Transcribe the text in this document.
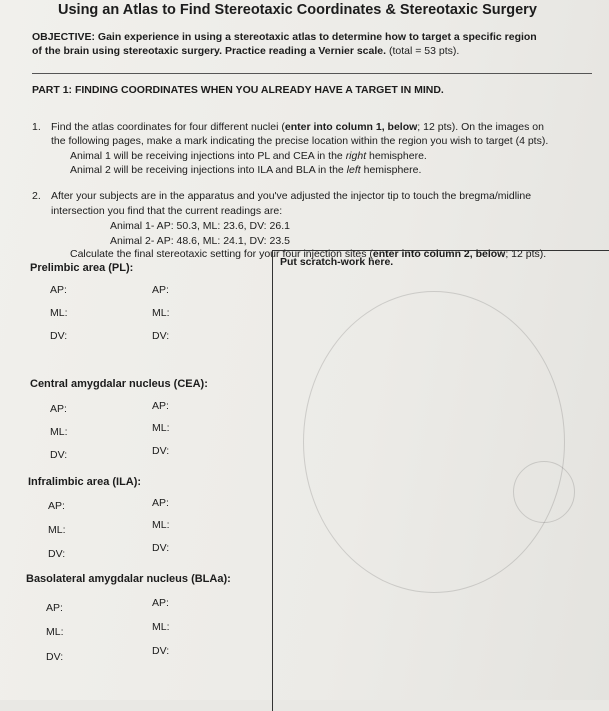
Using an Atlas to Find Stereotaxic Coordinates & Stereotaxic Surgery
OBJECTIVE: Gain experience in using a stereotaxic atlas to determine how to target a specific region
of the brain using stereotaxic surgery. Practice reading a Vernier scale. (total = 53 pts).
PART 1: FINDING COORDINATES WHEN YOU ALREADY HAVE A TARGET IN MIND.
1. Find the atlas coordinates for four different nuclei (enter into column 1, below; 12 pts). On the images on
the following pages, make a mark indicating the precise location within the region you wish to target (4 pts).
Animal 1 will be receiving injections into PL and CEA in the right hemisphere.
Animal 2 will be receiving injections into ILA and BLA in the left hemisphere.
2. After your subjects are in the apparatus and you've adjusted the injector tip to touch the bregma/midline
intersection you find that the current readings are:
Animal 1- AP: 50.3, ML: 23.6, DV: 26.1
Animal 2- AP: 48.6, ML: 24.1, DV: 23.5
Calculate the final stereotaxic setting for your four injection sites (enter into column 2, below; 12 pts).
Put scratch-work here.
Prelimbic area (PL):
AP:	AP:
ML:	ML:
DV:	DV:
Central amygdalar nucleus (CEA):
AP:	AP:
ML:	ML:
DV:	DV:
Infralimbic area (ILA):
AP:	AP:
ML:	ML:
DV:	DV:
Basolateral amygdalar nucleus (BLAa):
AP:	AP:
ML:	ML:
DV:	DV:
